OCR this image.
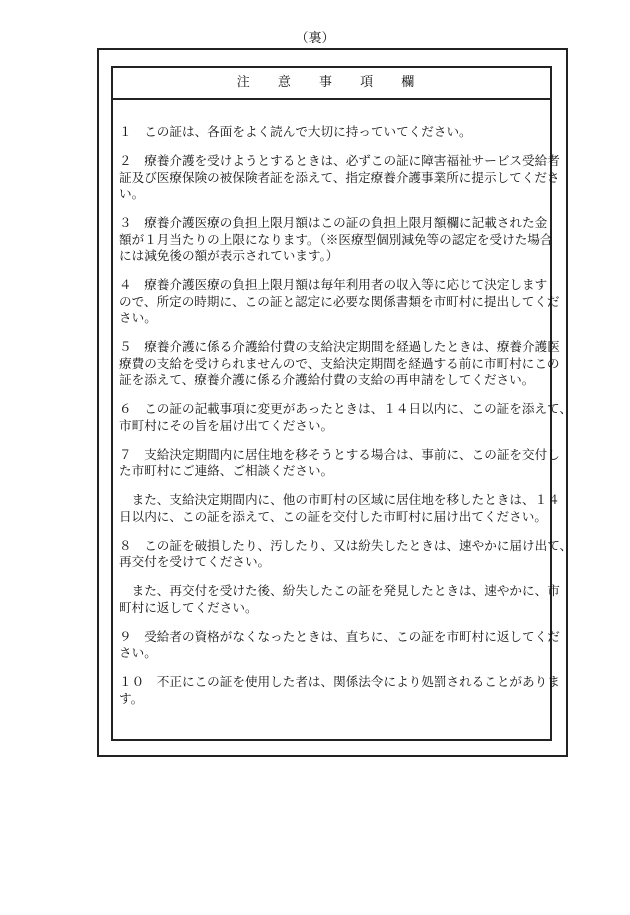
（裏）
注 意 事 項 欄
１　この証は、各面をよく読んで大切に持っていてください。
２　療養介護を受けようとするときは、必ずこの証に障害福祉サービス受給者
証及び医療保険の被保険者証を添えて、指定療養介護事業所に提示してくださ
い。
３　療養介護医療の負担上限月額はこの証の負担上限月額欄に記載された金
額が１月当たりの上限になります。（※医療型個別減免等の認定を受けた場合
には減免後の額が表示されています。）
４　療養介護医療の負担上限月額は毎年利用者の収入等に応じて決定します
ので、所定の時期に、この証と認定に必要な関係書類を市町村に提出してくだ
さい。
５　療養介護に係る介護給付費の支給決定期間を経過したときは、療養介護医
療費の支給を受けられませんので、支給決定期間を経過する前に市町村にこの
証を添えて、療養介護に係る介護給付費の支給の再申請をしてください。
６　この証の記載事項に変更があったときは、１４日以内に、この証を添えて、
市町村にその旨を届け出てください。
７　支給決定期間内に居住地を移そうとする場合は、事前に、この証を交付し
た市町村にご連絡、ご相談ください。
　また、支給決定期間内に、他の市町村の区域に居住地を移したときは、１４
日以内に、この証を添えて、この証を交付した市町村に届け出てください。
８　この証を破損したり、汚したり、又は紛失したときは、速やかに届け出て、
再交付を受けてください。
　また、再交付を受けた後、紛失したこの証を発見したときは、速やかに、市
町村に返してください。
９　受給者の資格がなくなったときは、直ちに、この証を市町村に返してくだ
さい。
１０　不正にこの証を使用した者は、関係法令により処罰されることがありま
す。
